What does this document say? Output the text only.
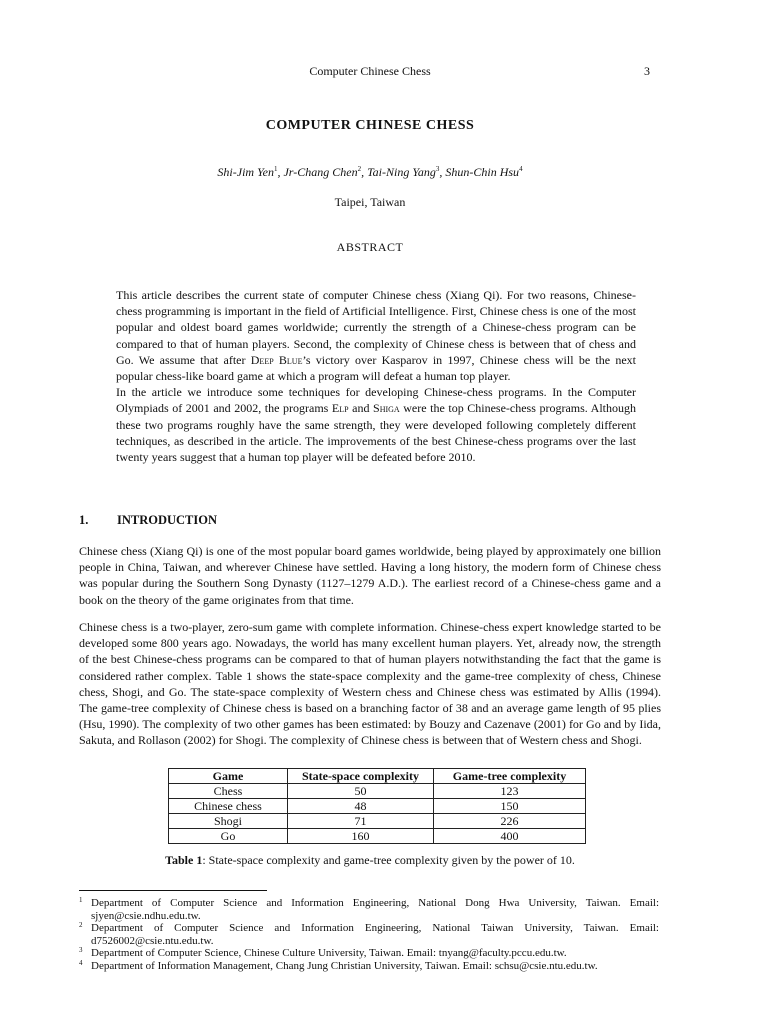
Computer Chinese Chess	3
COMPUTER CHINESE CHESS
Shi-Jim Yen$^1$, Jr-Chang Chen$^2$, Tai-Ning Yang$^3$, Shun-Chin Hsu$^4$
Taipei, Taiwan
ABSTRACT

This article describes the current state of computer Chinese chess (Xiang Qi). For two reasons, Chinese-chess programming is important in the field of Artificial Intelligence. First, Chinese chess is one of the most popular and oldest board games worldwide; currently the strength of a Chinese-chess program can be compared to that of human players. Second, the complexity of Chinese chess is between that of chess and Go. We assume that after Deep Blue’s victory over Kasparov in 1997, Chinese chess will be the next popular chess-like board game at which a program will defeat a human top player.

In the article we introduce some techniques for developing Chinese-chess programs. In the Computer Olympiads of 2001 and 2002, the programs Elp and Shiga were the top Chinese-chess programs. Although these two programs roughly have the same strength, they were developed following completely different techniques, as described in the article. The improvements of the best Chinese-chess programs over the last twenty years suggest that a human top player will be defeated before 2010.

1. INTRODUCTION

Chinese chess (Xiang Qi) is one of the most popular board games worldwide, being played by approximately one billion people in China, Taiwan, and wherever Chinese have settled. Having a long history, the modern form of Chinese chess was popular during the Southern Song Dynasty (1127–1279 A.D.). The earliest record of a Chinese-chess game and a book on the theory of the game originates from that time.

Chinese chess is a two-player, zero-sum game with complete information. Chinese-chess expert knowledge started to be developed some 800 years ago. Nowadays, the world has many excellent human players. Yet, already now, the strength of the best Chinese-chess programs can be compared to that of human players notwithstanding the fact that the game is considered rather complex. Table 1 shows the state-space complexity and the game-tree complexity of chess, Chinese chess, Shogi, and Go. The state-space complexity of Western chess and Chinese chess was estimated by Allis (1994). The game-tree complexity of Chinese chess is based on a branching factor of 38 and an average game length of 95 plies (Hsu, 1990). The complexity of two other games has been estimated: by Bouzy and Cazenave (2001) for Go and by Iida, Sakuta, and Rollason (2002) for Shogi. The complexity of Chinese chess is between that of Western chess and Shogi.

Game	State-space complexity	Game-tree complexity
Chess	50	123
Chinese chess	48	150
Shogi	71	226
Go	160	400
Table 1: State-space complexity and game-tree complexity given by the power of 10.
1 Department of Computer Science and Information Engineering, National Dong Hwa University, Taiwan. Email: sjyen@csie.ndhu.edu.tw.
2 Department of Computer Science and Information Engineering, National Taiwan University, Taiwan. Email: d7526002@csie.ntu.edu.tw.
3 Department of Computer Science, Chinese Culture University, Taiwan. Email: tnyang@faculty.pccu.edu.tw.
4 Department of Information Management, Chang Jung Christian University, Taiwan. Email: schsu@csie.ntu.edu.tw.
